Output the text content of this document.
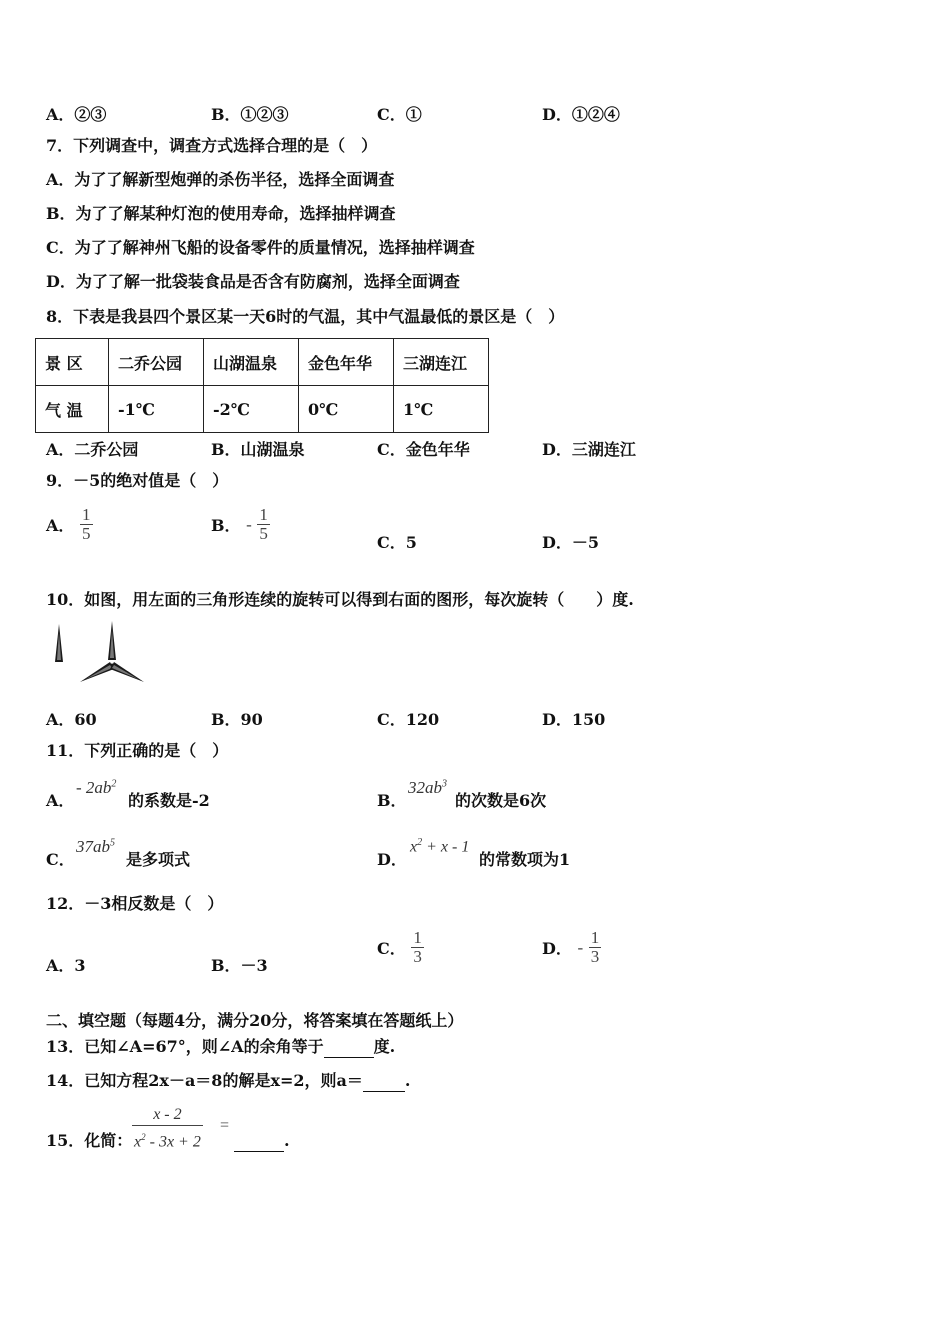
A．②③	B．①②③	C．①	D．①②④
7．下列调查中，调查方式选择合理的是（　）
A．为了了解新型炮弹的杀伤半径，选择全面调查
B．为了了解某种灯泡的使用寿命，选择抽样调查
C．为了了解神州飞船的设备零件的质量情况，选择抽样调查
D．为了了解一批袋装食品是否含有防腐剂，选择全面调查
8．下表是我县四个景区某一天6时的气温，其中气温最低的景区是（　）
景 区	二乔公园	山湖温泉	金色年华	三湖连江
气 温	-1℃	-2℃	0℃	1℃
A．二乔公园	B．山湖温泉	C．金色年华	D．三湖连江
9．－5的绝对值是（　）
A． $\frac{1}{5}$	B． - $\frac{1}{5}$	C．5	D．－5
10．如图，用左面的三角形连续的旋转可以得到右面的图形，每次旋转（　　）度.
A．60	B．90	C．120	D．150
11．下列正确的是（　）
A．
- $2ab^2$
的系数是-2	B．
$32ab^3$
的次数是6次
C．
$37ab^5$
是多项式	D．
$x^2 + x - 1$
的常数项为1
12．－3相反数是（　）
A．3	B．－3
C． $\frac{1}{3}$	D． - $\frac{1}{3}$
二、填空题（每题4分，满分20分，将答案填在答题纸上）
13．已知∠A=67°，则∠A的余角等于	度.
14．已知方程2x－a＝8的解是x=2，则a＝	.
15．化简：
x - 2
$x^2 - 3x + 2$
=
.
